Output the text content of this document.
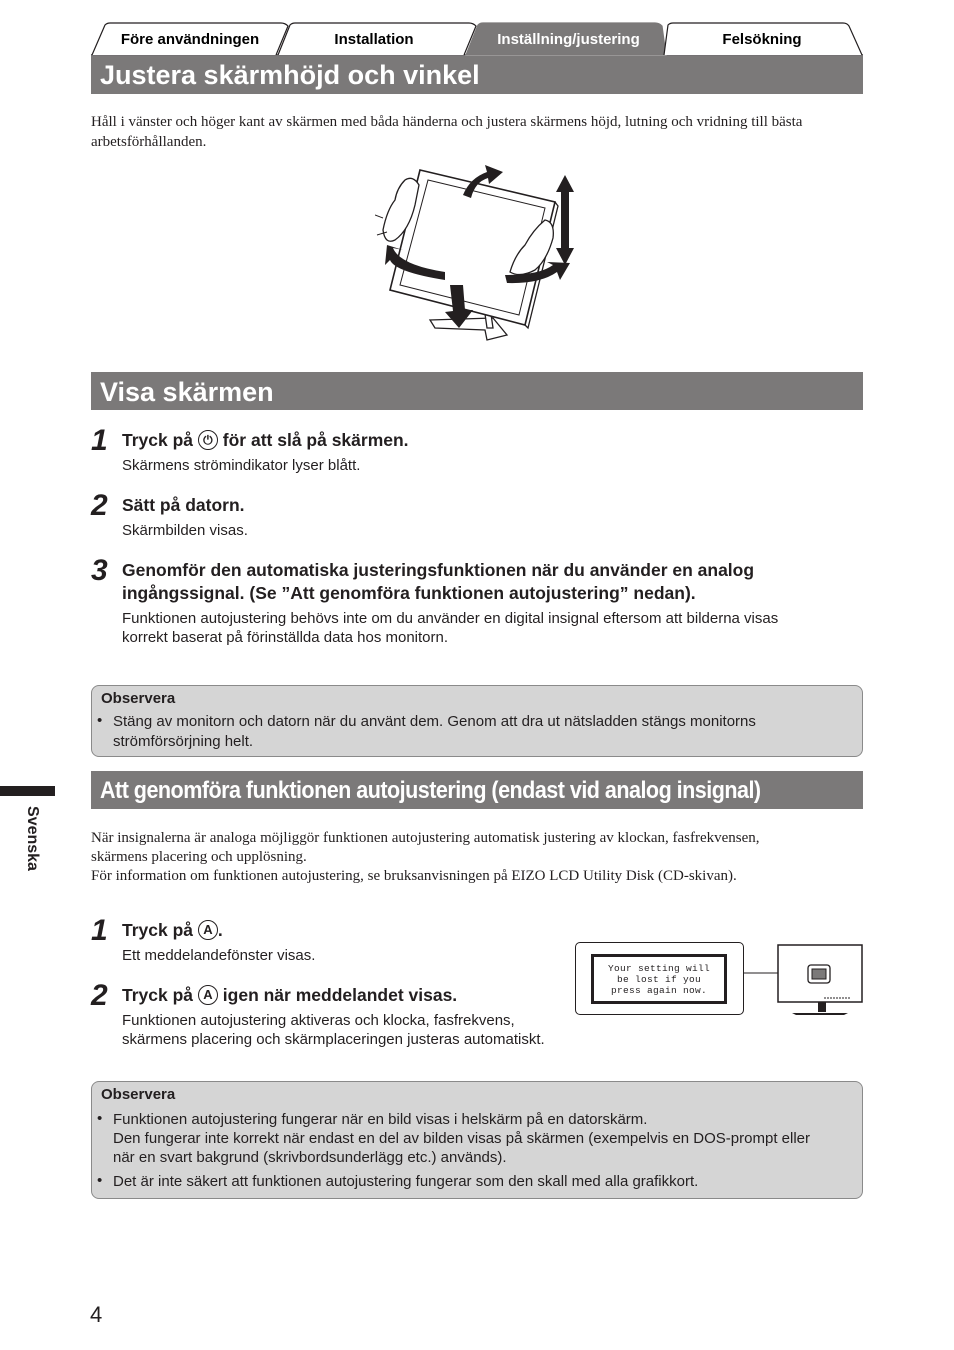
Före användningen	Installation	Inställning/justering	Felsökning
Justera skärmhöjd och vinkel
Håll i vänster och höger kant av skärmen med båda händerna och justera skärmens höjd, lutning och vridning till bästa
arbetsförhållanden.
Visa skärmen
1 Tryck på ⏻ för att slå på skärmen.
Skärmens strömindikator lyser blått.
2 Sätt på datorn.
Skärmbilden visas.
3 Genomför den automatiska justeringsfunktionen när du använder en analog
ingångssignal. (Se ”Att genomföra funktionen autojustering” nedan).
Funktionen autojustering behövs inte om du använder en digital insignal eftersom att bilderna visas
korrekt baserat på förinställda data hos monitorn.
Observera
• Stäng av monitorn och datorn när du använt dem. Genom att dra ut nätsladden stängs monitorns
strömförsörjning helt.
Svenska
Att genomföra funktionen autojustering (endast vid analog insignal)
När insignalerna är analoga möjliggör funktionen autojustering automatisk justering av klockan, fasfrekvensen,
skärmens placering och upplösning.
För information om funktionen autojustering, se bruksanvisningen på EIZO LCD Utility Disk (CD-skivan).
1 Tryck på A .
Ett meddelandefönster visas.
2 Tryck på A igen när meddelandet visas.
Funktionen autojustering aktiveras och klocka, fasfrekvens,
skärmens placering och skärmplaceringen justeras automatiskt.
Your setting will
be lost if you
press again now.
Observera
• Funktionen autojustering fungerar när en bild visas i helskärm på en datorskärm.
Den fungerar inte korrekt när endast en del av bilden visas på skärmen (exempelvis en DOS-prompt eller
när en svart bakgrund (skrivbordsunderlägg etc.) används).
• Det är inte säkert att funktionen autojustering fungerar som den skall med alla grafikkort.
4
